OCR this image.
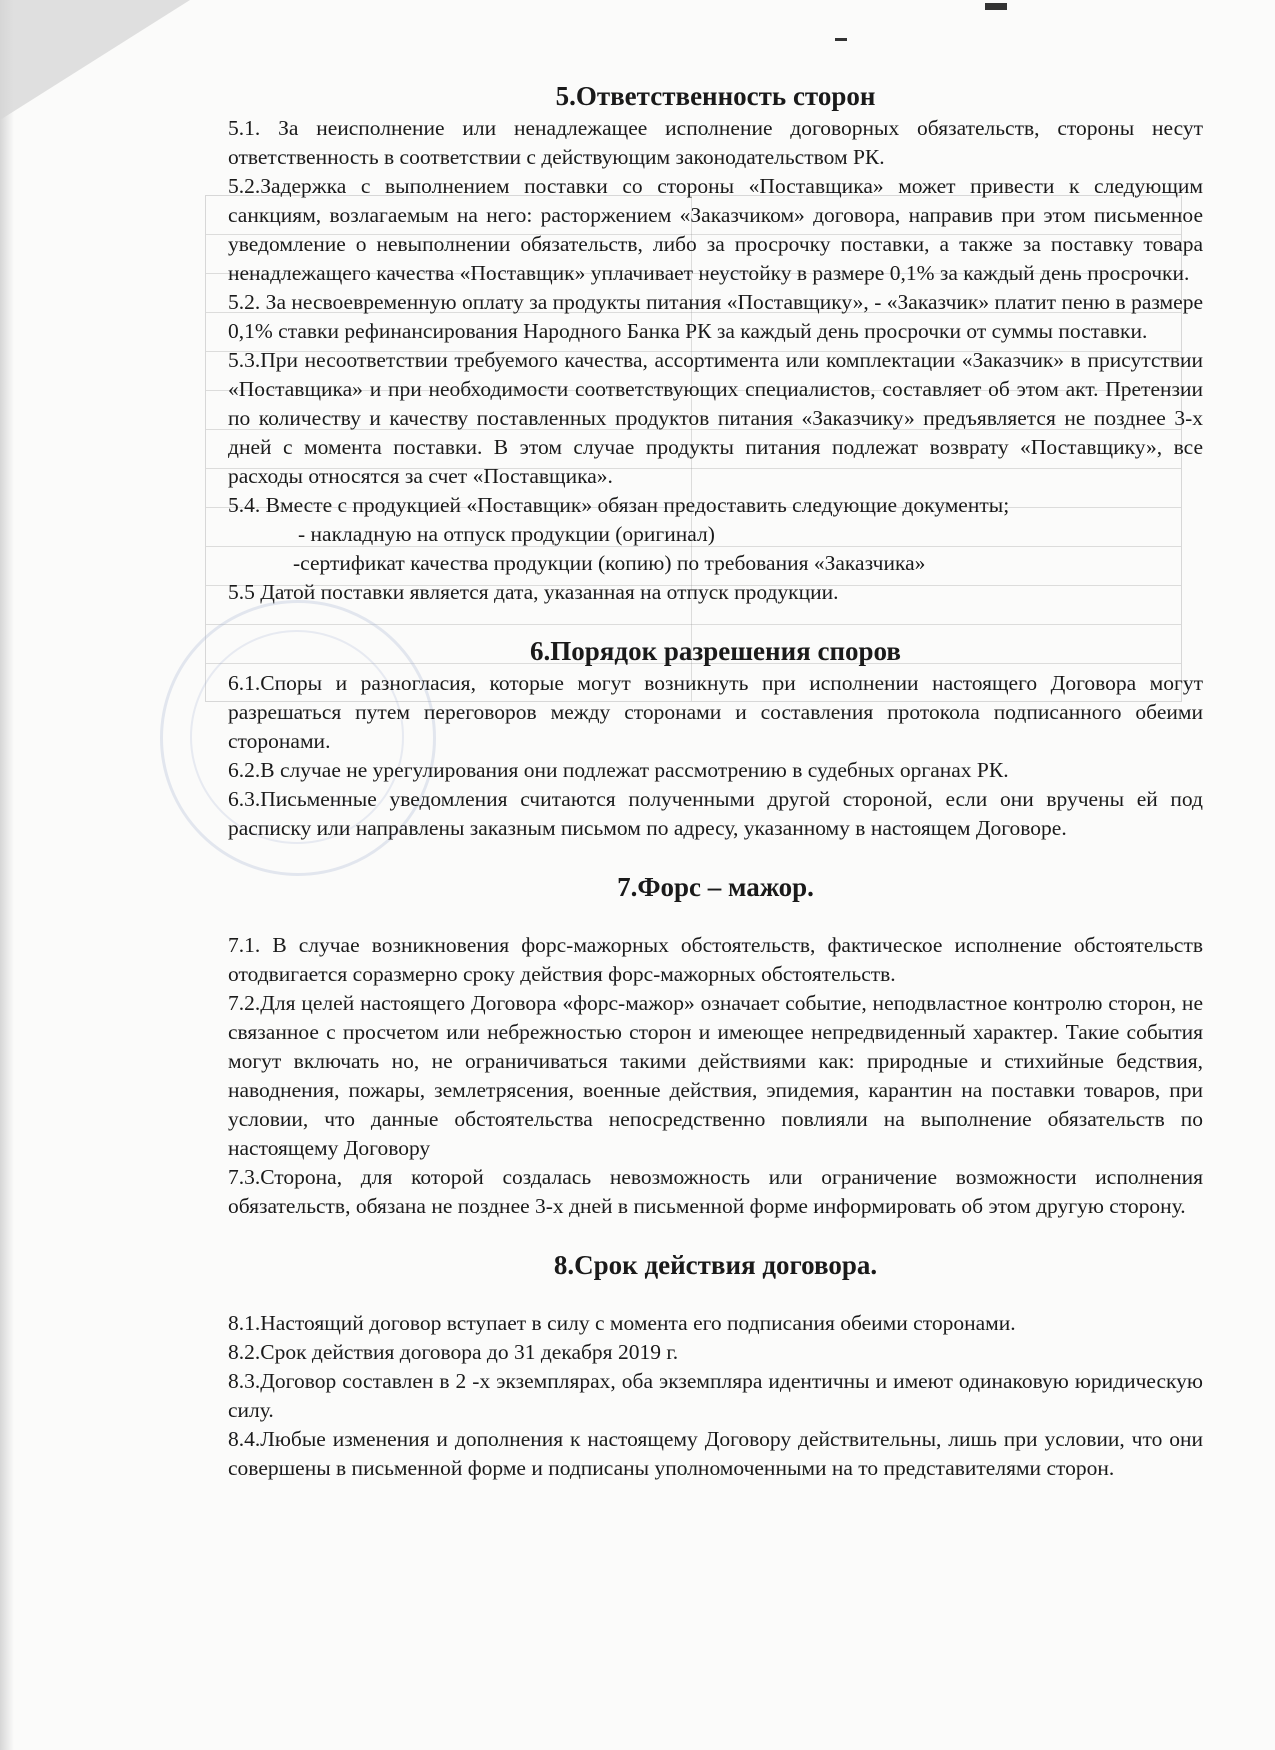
5.Ответственность сторон

5.1. За неисполнение или ненадлежащее исполнение договорных обязательств, стороны несут ответственность в соответствии с действующим законодательством РК.

5.2.Задержка с выполнением поставки со стороны «Поставщика» может привести к следующим санкциям, возлагаемым на него: расторжением «Заказчиком» договора, направив при этом письменное уведомление о невыполнении обязательств, либо за просрочку поставки, а также за поставку товара ненадлежащего качества «Поставщик» уплачивает неустойку в размере 0,1% за каждый день просрочки.

5.2. За несвоевременную оплату за продукты питания «Поставщику», - «Заказчик» платит пеню в размере 0,1% ставки рефинансирования Народного Банка РК за каждый день просрочки от суммы поставки.

5.3.При несоответствии требуемого качества, ассортимента или комплектации «Заказчик» в присутствии «Поставщика» и при необходимости соответствующих специалистов, составляет об этом акт. Претензии по количеству и качеству поставленных продуктов питания «Заказчику» предъявляется не позднее 3-х дней с момента поставки. В этом случае продукты питания подлежат возврату «Поставщику», все расходы относятся за счет «Поставщика».

5.4. Вместе с продукцией «Поставщик» обязан предоставить следующие документы;

- накладную на отпуск продукции (оригинал)

-сертификат качества продукции (копию) по требования «Заказчика»

5.5 Датой поставки является дата, указанная на отпуск продукции.

6.Порядок разрешения споров

6.1.Споры и разногласия, которые могут возникнуть при исполнении настоящего Договора могут разрешаться путем переговоров между сторонами и составления протокола подписанного обеими сторонами.

6.2.В случае не урегулирования они подлежат рассмотрению в судебных органах РК.

6.3.Письменные уведомления считаются полученными другой стороной, если они вручены ей под расписку или направлены заказным письмом по адресу, указанному в настоящем Договоре.

7.Форс – мажор.

7.1. В случае возникновения форс-мажорных обстоятельств, фактическое исполнение обстоятельств отодвигается соразмерно сроку действия форс-мажорных обстоятельств.

7.2.Для целей настоящего Договора «форс-мажор» означает событие, неподвластное контролю сторон, не связанное с просчетом или небрежностью сторон и имеющее непредвиденный характер. Такие события могут включать но, не ограничиваться такими действиями как: природные и стихийные бедствия, наводнения, пожары, землетрясения, военные действия, эпидемия, карантин на поставки товаров, при условии, что данные обстоятельства непосредственно повлияли на выполнение обязательств по настоящему Договору

7.3.Сторона, для которой создалась невозможность или ограничение возможности исполнения обязательств, обязана не позднее 3-х дней в письменной форме информировать об этом другую сторону.

8.Срок действия договора.

8.1.Настоящий договор вступает в силу с момента его подписания обеими сторонами.

8.2.Срок действия договора до 31 декабря 2019 г.

8.3.Договор составлен в 2 -х экземплярах, оба экземпляра идентичны и имеют одинаковую юридическую силу.

8.4.Любые изменения и дополнения к настоящему Договору действительны, лишь при условии, что они совершены в письменной форме и подписаны уполномоченными на то представителями сторон.
